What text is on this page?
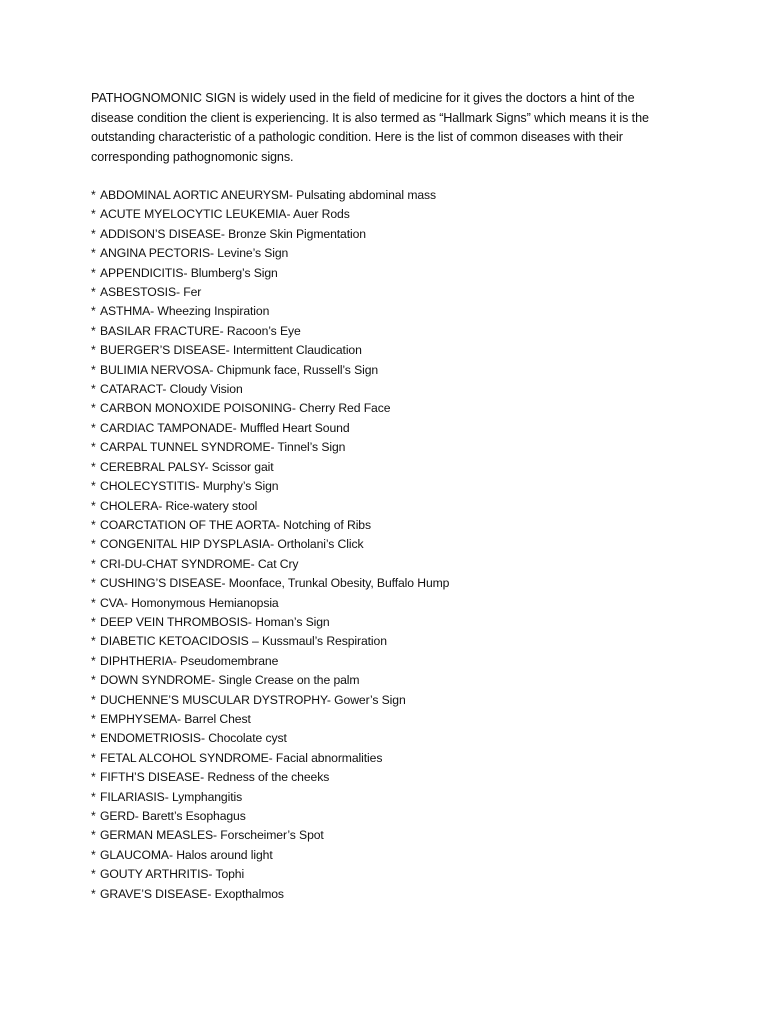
PATHOGNOMONIC SIGN is widely used in the field of medicine for it gives the doctors a hint of the disease condition the client is experiencing. It is also termed as “Hallmark Signs” which means it is the outstanding characteristic of a pathologic condition. Here is the list of common diseases with their corresponding pathognomonic signs.

* ABDOMINAL AORTIC ANEURYSM- Pulsating abdominal mass
* ACUTE MYELOCYTIC LEUKEMIA- Auer Rods
* ADDISON’S DISEASE- Bronze Skin Pigmentation
* ANGINA PECTORIS- Levine’s Sign
* APPENDICITIS- Blumberg’s Sign
* ASBESTOSIS- Fer
* ASTHMA- Wheezing Inspiration
* BASILAR FRACTURE- Racoon’s Eye
* BUERGER’S DISEASE- Intermittent Claudication
* BULIMIA NERVOSA- Chipmunk face, Russell’s Sign
* CATARACT- Cloudy Vision
* CARBON MONOXIDE POISONING- Cherry Red Face
* CARDIAC TAMPONADE- Muffled Heart Sound
* CARPAL TUNNEL SYNDROME- Tinnel’s Sign
* CEREBRAL PALSY- Scissor gait
* CHOLECYSTITIS- Murphy’s Sign
* CHOLERA- Rice-watery stool
* COARCTATION OF THE AORTA- Notching of Ribs
* CONGENITAL HIP DYSPLASIA- Ortholani’s Click
* CRI-DU-CHAT SYNDROME- Cat Cry
* CUSHING’S DISEASE- Moonface, Trunkal Obesity, Buffalo Hump
* CVA- Homonymous Hemianopsia
* DEEP VEIN THROMBOSIS- Homan’s Sign
* DIABETIC KETOACIDOSIS – Kussmaul’s Respiration
* DIPHTHERIA- Pseudomembrane
* DOWN SYNDROME- Single Crease on the palm
* DUCHENNE’S MUSCULAR DYSTROPHY- Gower’s Sign
* EMPHYSEMA- Barrel Chest
* ENDOMETRIOSIS- Chocolate cyst
* FETAL ALCOHOL SYNDROME- Facial abnormalities
* FIFTH’S DISEASE- Redness of the cheeks
* FILARIASIS- Lymphangitis
* GERD- Barett’s Esophagus
* GERMAN MEASLES- Forscheimer’s Spot
* GLAUCOMA- Halos around light
* GOUTY ARTHRITIS- Tophi
* GRAVE’S DISEASE- Exopthalmos
